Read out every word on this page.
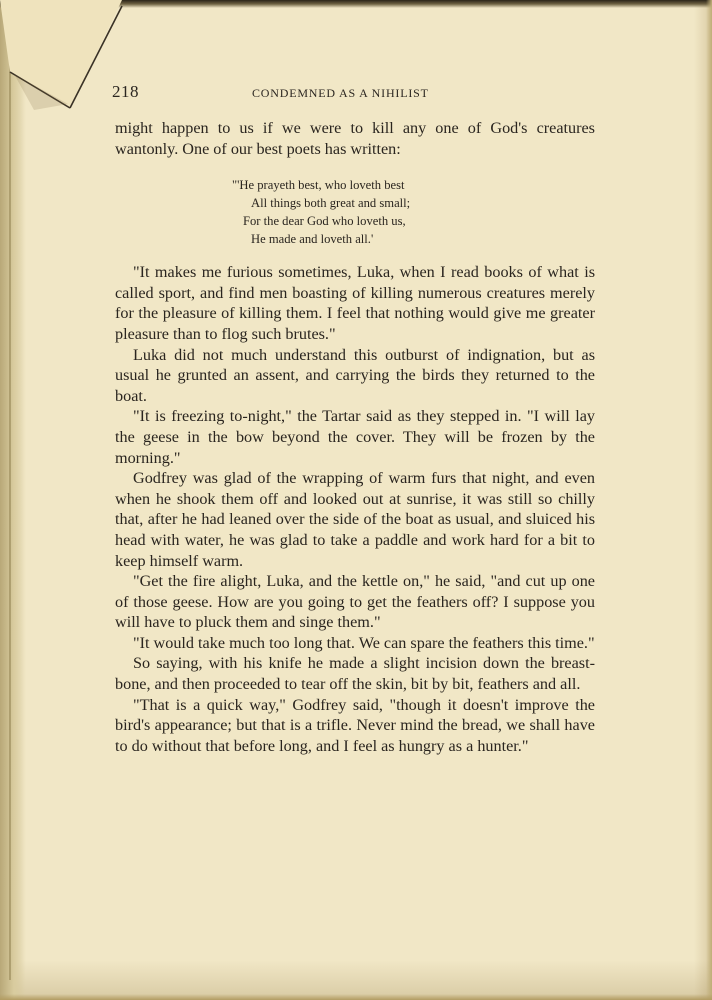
218	CONDEMNED AS A NIHILIST

might happen to us if we were to kill any one of God's creatures wantonly. One of our best poets has written:

"'He prayeth best, who loveth best
All things both great and small;
For the dear God who loveth us,
He made and loveth all.'

"It makes me furious sometimes, Luka, when I read books of what is called sport, and find men boasting of killing numerous creatures merely for the pleasure of killing them. I feel that nothing would give me greater pleasure than to flog such brutes."

Luka did not much understand this outburst of indignation, but as usual he grunted an assent, and carrying the birds they returned to the boat.

"It is freezing to-night," the Tartar said as they stepped in. "I will lay the geese in the bow beyond the cover. They will be frozen by the morning."

Godfrey was glad of the wrapping of warm furs that night, and even when he shook them off and looked out at sunrise, it was still so chilly that, after he had leaned over the side of the boat as usual, and sluiced his head with water, he was glad to take a paddle and work hard for a bit to keep himself warm.

"Get the fire alight, Luka, and the kettle on," he said, "and cut up one of those geese. How are you going to get the feathers off? I suppose you will have to pluck them and singe them."

"It would take much too long that. We can spare the feathers this time."

So saying, with his knife he made a slight incision down the breast-bone, and then proceeded to tear off the skin, bit by bit, feathers and all.

"That is a quick way," Godfrey said, "though it doesn't improve the bird's appearance; but that is a trifle. Never mind the bread, we shall have to do without that before long, and I feel as hungry as a hunter."
